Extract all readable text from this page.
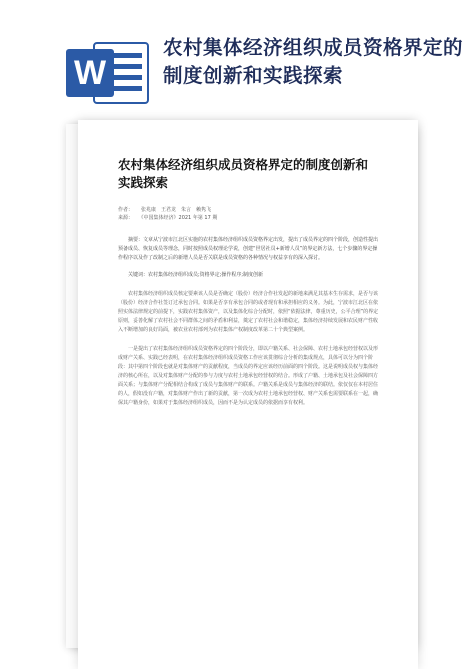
W
农村集体经济组织成员资格界定的制度创新和实践探索
农村集体经济组织成员资格界定的制度创新和实践探索
作者： 张兆康　王君龙　朱言　赖隽飞
来源： 《中国集体经济》2021 年第 17 期
摘要：文章从宁波市江北区实施的农村集体经济组织成员资格界定出发，提出了成员界定的四个阶段，创造性提出预备成员、恢复成员等理念，同时按照成员权理论学说，创建“世居社员+新增人员”的界定新方法，七个步骤的界定操作程序以及作了改制之后的新增人员是否关联是成员资格的各种情况与权益享有的深入探讨。
关键词：农村集体经济组织成员;资格界定;操作程序;制度创新
农村集体经济组织成员核定要素该人员是否确定（股份）经济合作社发起的新地来满足其基本生存需求，是否与该（股份）经济合作社签订过承包合同。如果是否享有承包合同的或者现有和承担相应的义务。为此，宁波市江北区在依照实体法律规定的前提下，实践农村集体资产，以及集体化综合分配时，依照“依据法律，尊重历史，公平合理”的界定原则，妥善化解了农村社会不同群体之间的矛盾和利益，奠定了农村社会和谐稳定，集体经济持续发展和农民财产性收入不断增加的良好局面，被农业农村部列为农村集体产权制度改革第二十个典型案例。
一是提出了农村集体经济组织成员资格界定的四个阶段分，即以户籍关系、社会保障、农村土地承包经营权以及形成财产关系、实践已经表明，在农村集体经济组织成员资格工作应该贯彻综合分析的集成规点，具体可以分为四个阶段：其中第四个阶段也就是对集体财产的贡献程度，当成员的界定应该经历前面的四个阶段。这是说明成员权与集体经济的核心所在，以及对集体财产分配的参与力度与农村土地承包经营权的结合。形成了户籍、土地承包及社会保障四方面关系；与集体财产分配相结合构成了成员与集体财产的联系。户籍关系是成员与集体经济的联结。依仅仅在本村居住的人，假如没有户籍，对集体财产作出了新的贡献，第一次成为农村土地承包经营权、财产关系也需要联系在一起，确保其户籍身份，如果对于集体经济组织成员，因而不是为认定成员的依据而享有权利。
